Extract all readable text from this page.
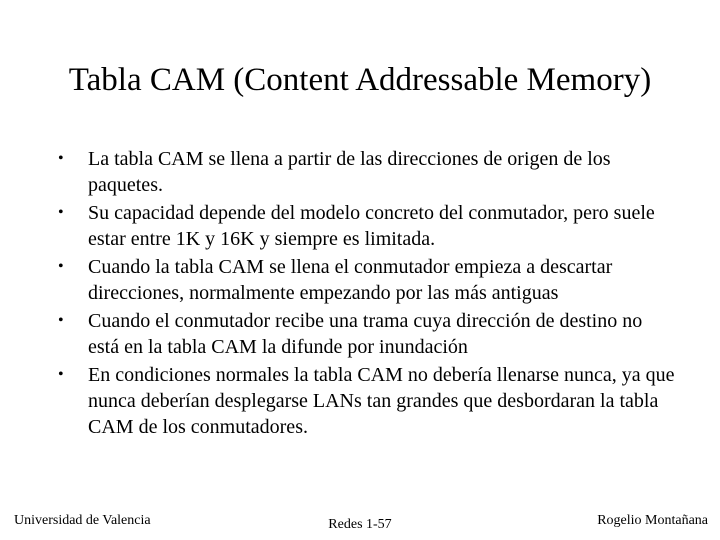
Tabla CAM (Content Addressable Memory)
•	La tabla CAM se llena a partir de las direcciones de origen de los paquetes.
•	Su capacidad depende del modelo concreto del conmutador, pero suele estar entre 1K y 16K y siempre es limitada.
•	Cuando la tabla CAM se llena el conmutador empieza a descartar direcciones, normalmente empezando por las más antiguas
•	Cuando el conmutador recibe una trama cuya dirección de destino no está en la tabla CAM la difunde por inundación
•	En condiciones normales la tabla CAM no debería llenarse nunca, ya que nunca deberían desplegarse LANs tan grandes que desbordaran la tabla CAM de los conmutadores.
Universidad de Valencia	Redes 1-57	Rogelio Montañana
